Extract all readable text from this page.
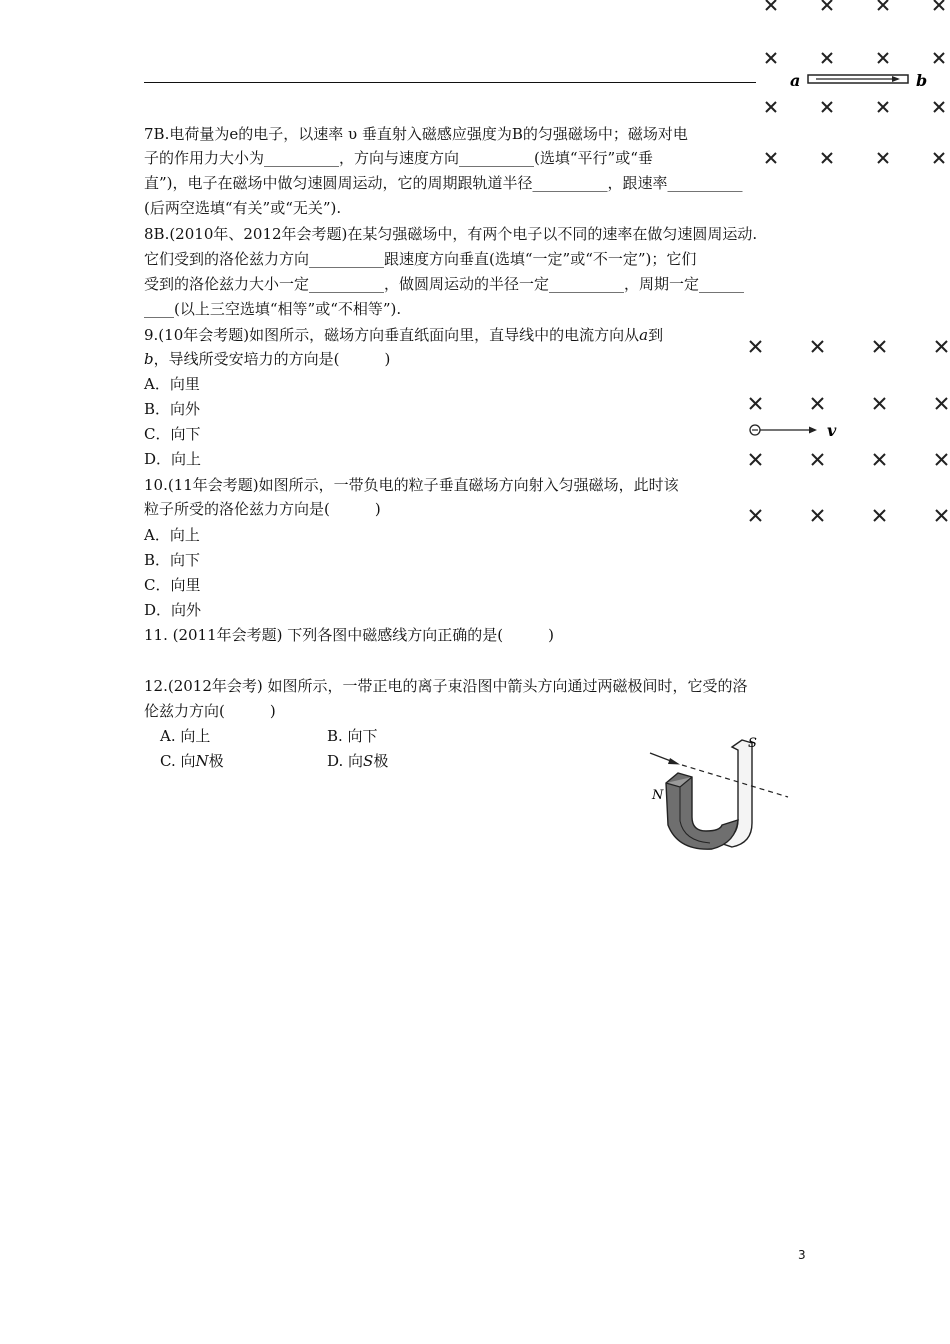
a	b
7B.电荷量为e的电子，以速率 υ 垂直射入磁感应强度为B的匀强磁场中；磁场对电
子的作用力大小为__________，方向与速度方向__________(选填“平行”或“垂
直”)，电子在磁场中做匀速圆周运动，它的周期跟轨道半径__________，跟速率__________
(后两空选填“有关”或“无关”).
8B.(2010年、2012年会考题)在某匀强磁场中，有两个电子以不同的速率在做匀速圆周运动.
它们受到的洛伦兹力方向__________跟速度方向垂直(选填“一定”或“不一定”)；它们
受到的洛伦兹力大小一定__________，做圆周运动的半径一定__________，周期一定______
____(以上三空选填“相等”或“不相等”).
9.(10年会考题)如图所示，磁场方向垂直纸面向里，直导线中的电流方向从a到
b，导线所受安培力的方向是(　　　)
A．向里
B．向外
C．向下
D．向上
v
10.(11年会考题)如图所示，一带负电的粒子垂直磁场方向射入匀强磁场，此时该
粒子所受的洛伦兹力方向是(　　　)
A．向上
B．向下
C．向里
D．向外
11. (2011年会考题) 下列各图中磁感线方向正确的是(　　　)
12.(2012年会考) 如图所示，一带正电的离子束沿图中箭头方向通过两磁极间时，它受的洛
伦兹力方向(　　　)
A. 向上	B. 向下
C. 向N极	D. 向S极
N
S
3
